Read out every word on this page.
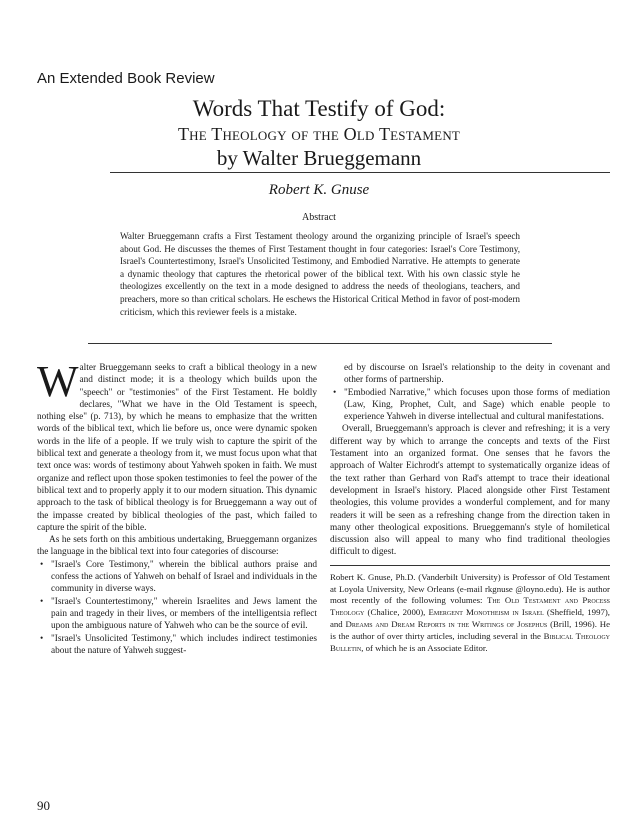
An Extended Book Review
Words That Testify of God:
The Theology of the Old Testament
by Walter Brueggemann
Robert K. Gnuse
Abstract
Walter Brueggemann crafts a First Testament theology around the organizing principle of Israel's speech about God. He discusses the themes of First Testament thought in four categories: Israel's Core Testimony, Israel's Countertestimony, Israel's Unsolicited Testimony, and Embodied Narrative. He attempts to generate a dynamic theology that captures the rhetorical power of the biblical text. With his own classic style he theologizes excellently on the text in a mode designed to address the needs of theologians, teachers, and preachers, more so than critical scholars. He eschews the Historical Critical Method in favor of post-modern criticism, which this reviewer feels is a mistake.

Walter Brueggemann seeks to craft a biblical theology in a new and distinct mode; it is a theology which builds upon the "speech" or "testimonies" of the First Testament. He boldly declares, "What we have in the Old Testament is speech, nothing else" (p. 713), by which he means to emphasize that the written words of the biblical text, which lie before us, once were dynamic spoken words in the life of a people. If we truly wish to capture the spirit of the biblical text and generate a theology from it, we must focus upon what that text once was: words of testimony about Yahweh spoken in faith. We must organize and reflect upon those spoken testimonies to feel the power of the biblical text and to properly apply it to our modern situation. This dynamic approach to the task of biblical theology is for Brueggemann a way out of the impasse created by biblical theologies of the past, which failed to capture the spirit of the bible.

As he sets forth on this ambitious undertaking, Brueggemann organizes the language in the biblical text into four categories of discourse:

• "Israel's Core Testimony," wherein the biblical authors praise and confess the actions of Yahweh on behalf of Israel and individuals in the community in diverse ways.
• "Israel's Countertestimony," wherein Israelites and Jews lament the pain and tragedy in their lives, or members of the intelligentsia reflect upon the ambiguous nature of Yahweh who can be the source of evil.
• "Israel's Unsolicited Testimony," which includes indirect testimonies about the nature of Yahweh suggest-

ed by discourse on Israel's relationship to the deity in covenant and other forms of partnership.

• "Embodied Narrative," which focuses upon those forms of mediation (Law, King, Prophet, Cult, and Sage) which enable people to experience Yahweh in diverse intellectual and cultural manifestations.

Overall, Brueggemann's approach is clever and refreshing; it is a very different way by which to arrange the concepts and texts of the First Testament into an organized format. One senses that he favors the approach of Walter Eichrodt's attempt to systematically organize ideas of the text rather than Gerhard von Rad's attempt to trace their ideational development in Israel's history. Placed alongside other First Testament theologies, this volume provides a wonderful complement, and for many readers it will be seen as a refreshing change from the direction taken in many other theological expositions. Brueggemann's style of homiletical discussion also will appeal to many who find traditional theologies difficult to digest.

Robert K. Gnuse, Ph.D. (Vanderbilt University) is Professor of Old Testament at Loyola University, New Orleans (e-mail rkgnuse @loyno.edu). He is author most recently of the following volumes: The Old Testament and Process Theology (Chalice, 2000), Emergent Monotheism in Israel (Sheffield, 1997), and Dreams and Dream Reports in the Writings of Josephus (Brill, 1996). He is the author of over thirty articles, including several in the Biblical Theology Bulletin, of which he is an Associate Editor.

90
